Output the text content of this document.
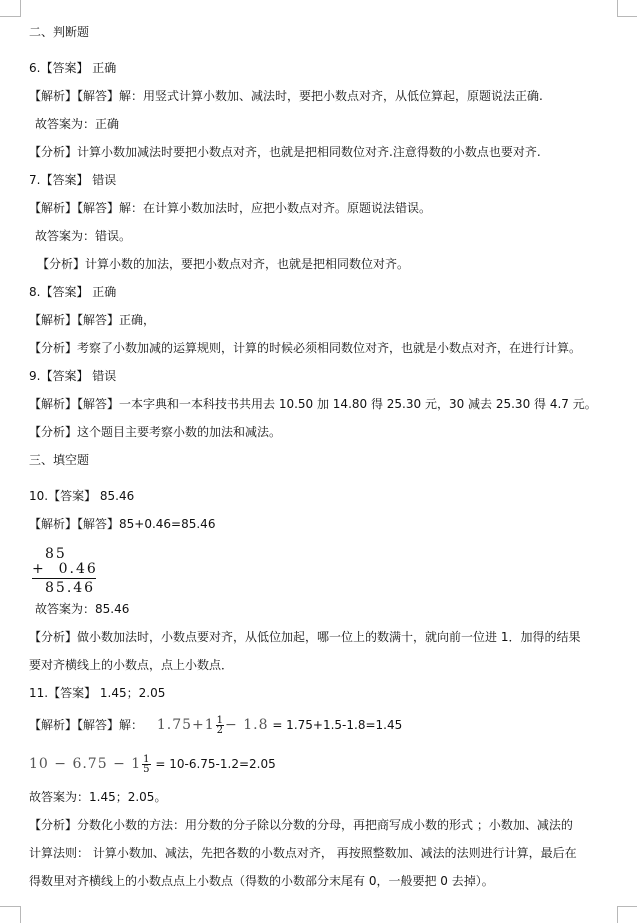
二、判断题
6.【答案】 正确
【解析】【解答】解：用竖式计算小数加、减法时，要把小数点对齐，从低位算起，原题说法正确.
故答案为：正确
【分析】计算小数加减法时要把小数点对齐，也就是把相同数位对齐.注意得数的小数点也要对齐.
7.【答案】 错误
【解析】【解答】解：在计算小数加法时，应把小数点对齐。原题说法错误。
故答案为：错误。
【分析】计算小数的加法，要把小数点对齐，也就是把相同数位对齐。
8.【答案】 正确
【解析】【解答】正确，
【分析】考察了小数加减的运算规则，计算的时候必须相同数位对齐，也就是小数点对齐，在进行计算。
9.【答案】 错误
【解析】【解答】一本字典和一本科技书共用去 10.50 加 14.80 得 25.30 元，30 减去 25.30 得 4.7 元。
【分析】这个题目主要考察小数的加法和减法。
三、填空题
10.【答案】 85.46
【解析】【解答】85+0.46=85.46
85
+  0.46
85.46
故答案为：85.46
【分析】做小数加法时，小数点要对齐，从低位加起，哪一位上的数满十，就向前一位进 1．加得的结果
要对齐横线上的小数点，点上小数点．
11.【答案】 1.45；2.05
【解析】【解答】解： $1.75+1 \frac{1}{2} - 1.8 = 1.75+1.5-1.8=1.45$
$10 - 6.75 - 1 \frac{1}{5} = 10-6.75-1.2=2.05$
故答案为：1.45；2.05。
【分析】分数化小数的方法：用分数的分子除以分数的分母，再把商写成小数的形式 ；小数加、减法的
计算法则： 计算小数加、减法，先把各数的小数点对齐， 再按照整数加、减法的法则进行计算，最后在
得数里对齐横线上的小数点点上小数点（得数的小数部分末尾有 0，一般要把 0 去掉）。
